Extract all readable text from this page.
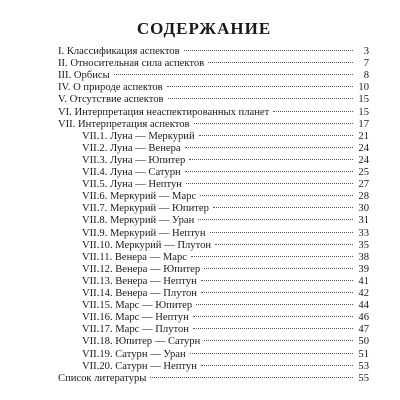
СОДЕРЖАНИЕ
I. Классификация аспектов	3
II. Относительная сила аспектов	7
III. Орбисы	8
IV. О природе аспектов	10
V. Отсутствие аспектов	15
VI. Интерпретация неаспектированных планет	15
VII. Интерпретация аспектов	17
VII.1. Луна — Меркурий	21
VII.2. Луна — Венера	24
VII.3. Луна — Юпитер	24
VII.4. Луна — Сатурн	25
VII.5. Луна — Нептун	27
VII.6. Меркурий — Марс	28
VII.7. Меркурий — Юпитер	30
VII.8. Меркурий — Уран	31
VII.9. Меркурий — Нептун	33
VII.10. Меркурий — Плутон	35
VII.11. Венера — Марс	38
VII.12. Венера — Юпитер	39
VII.13. Венера — Нептун	41
VII.14. Венера — Плутон	42
VII.15. Марс — Юпитер	44
VII.16. Марс — Нептун	46
VII.17. Марс — Плутон	47
VII.18. Юпитер — Сатурн	50
VII.19. Сатурн — Уран	51
VII.20. Сатурн — Нептун	53
Список литературы	55
